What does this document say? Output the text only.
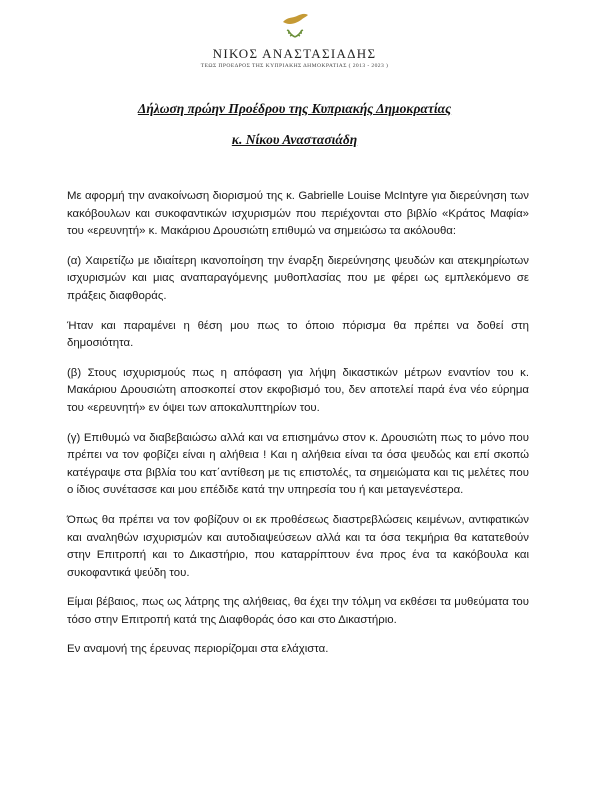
ΝΙΚΟΣ ΑΝΑΣΤΑΣΙΑΔΗΣ
ΤΕΩΣ ΠΡΟΕΔΡΟΣ ΤΗΣ ΚΥΠΡΙΑΚΗΣ ΔΗΜΟΚΡΑΤΙΑΣ ( 2013 - 2023 )
Δήλωση πρώην Προέδρου της Κυπριακής Δημοκρατίας
κ. Νίκου Αναστασιάδη

Με αφορμή την ανακοίνωση διορισμού της κ. Gabrielle Louise McIntyre για διερεύνηση των κακόβουλων και συκοφαντικών ισχυρισμών που περιέχονται στο βιβλίο «Κράτος Μαφία» του «ερευνητή» κ. Μακάριου Δρουσιώτη επιθυμώ να σημειώσω τα ακόλουθα:

(α) Χαιρετίζω με ιδιαίτερη ικανοποίηση την έναρξη διερεύνησης ψευδών και ατεκμηρίωτων ισχυρισμών και μιας αναπαραγόμενης μυθοπλασίας που με φέρει ως εμπλεκόμενο σε πράξεις διαφθοράς.

Ήταν και παραμένει η θέση μου πως το όποιο πόρισμα θα πρέπει να δοθεί στη δημοσιότητα.

(β) Στους ισχυρισμούς πως η απόφαση για λήψη δικαστικών μέτρων εναντίον του κ. Μακάριου Δρουσιώτη αποσκοπεί στον εκφοβισμό του, δεν αποτελεί παρά ένα νέο εύρημα του «ερευνητή» εν όψει των αποκαλυπτηρίων του.

(γ) Επιθυμώ να διαβεβαιώσω αλλά και να επισημάνω στον κ. Δρουσιώτη πως το μόνο που πρέπει να τον φοβίζει είναι η αλήθεια ! Και η αλήθεια είναι τα όσα ψευδώς και επί σκοπώ κατέγραψε στα βιβλία του κατ΄αντίθεση με τις επιστολές, τα σημειώματα και τις μελέτες που ο ίδιος συνέτασσε και μου επέδιδε κατά την υπηρεσία του ή και μεταγενέστερα.

Όπως θα πρέπει να τον φοβίζουν οι εκ προθέσεως διαστρεβλώσεις κειμένων, αντιφατικών και αναληθών ισχυρισμών και αυτοδιαψεύσεων αλλά και τα όσα τεκμήρια θα κατατεθούν στην Επιτροπή και το Δικαστήριο, που καταρρίπτουν ένα προς ένα τα κακόβουλα και συκοφαντικά ψεύδη του.

Είμαι βέβαιος, πως ως λάτρης της αλήθειας, θα έχει την τόλμη να εκθέσει τα μυθεύματα του τόσο στην Επιτροπή κατά της Διαφθοράς όσο και στο Δικαστήριο.

Εν αναμονή της έρευνας περιορίζομαι στα ελάχιστα.
